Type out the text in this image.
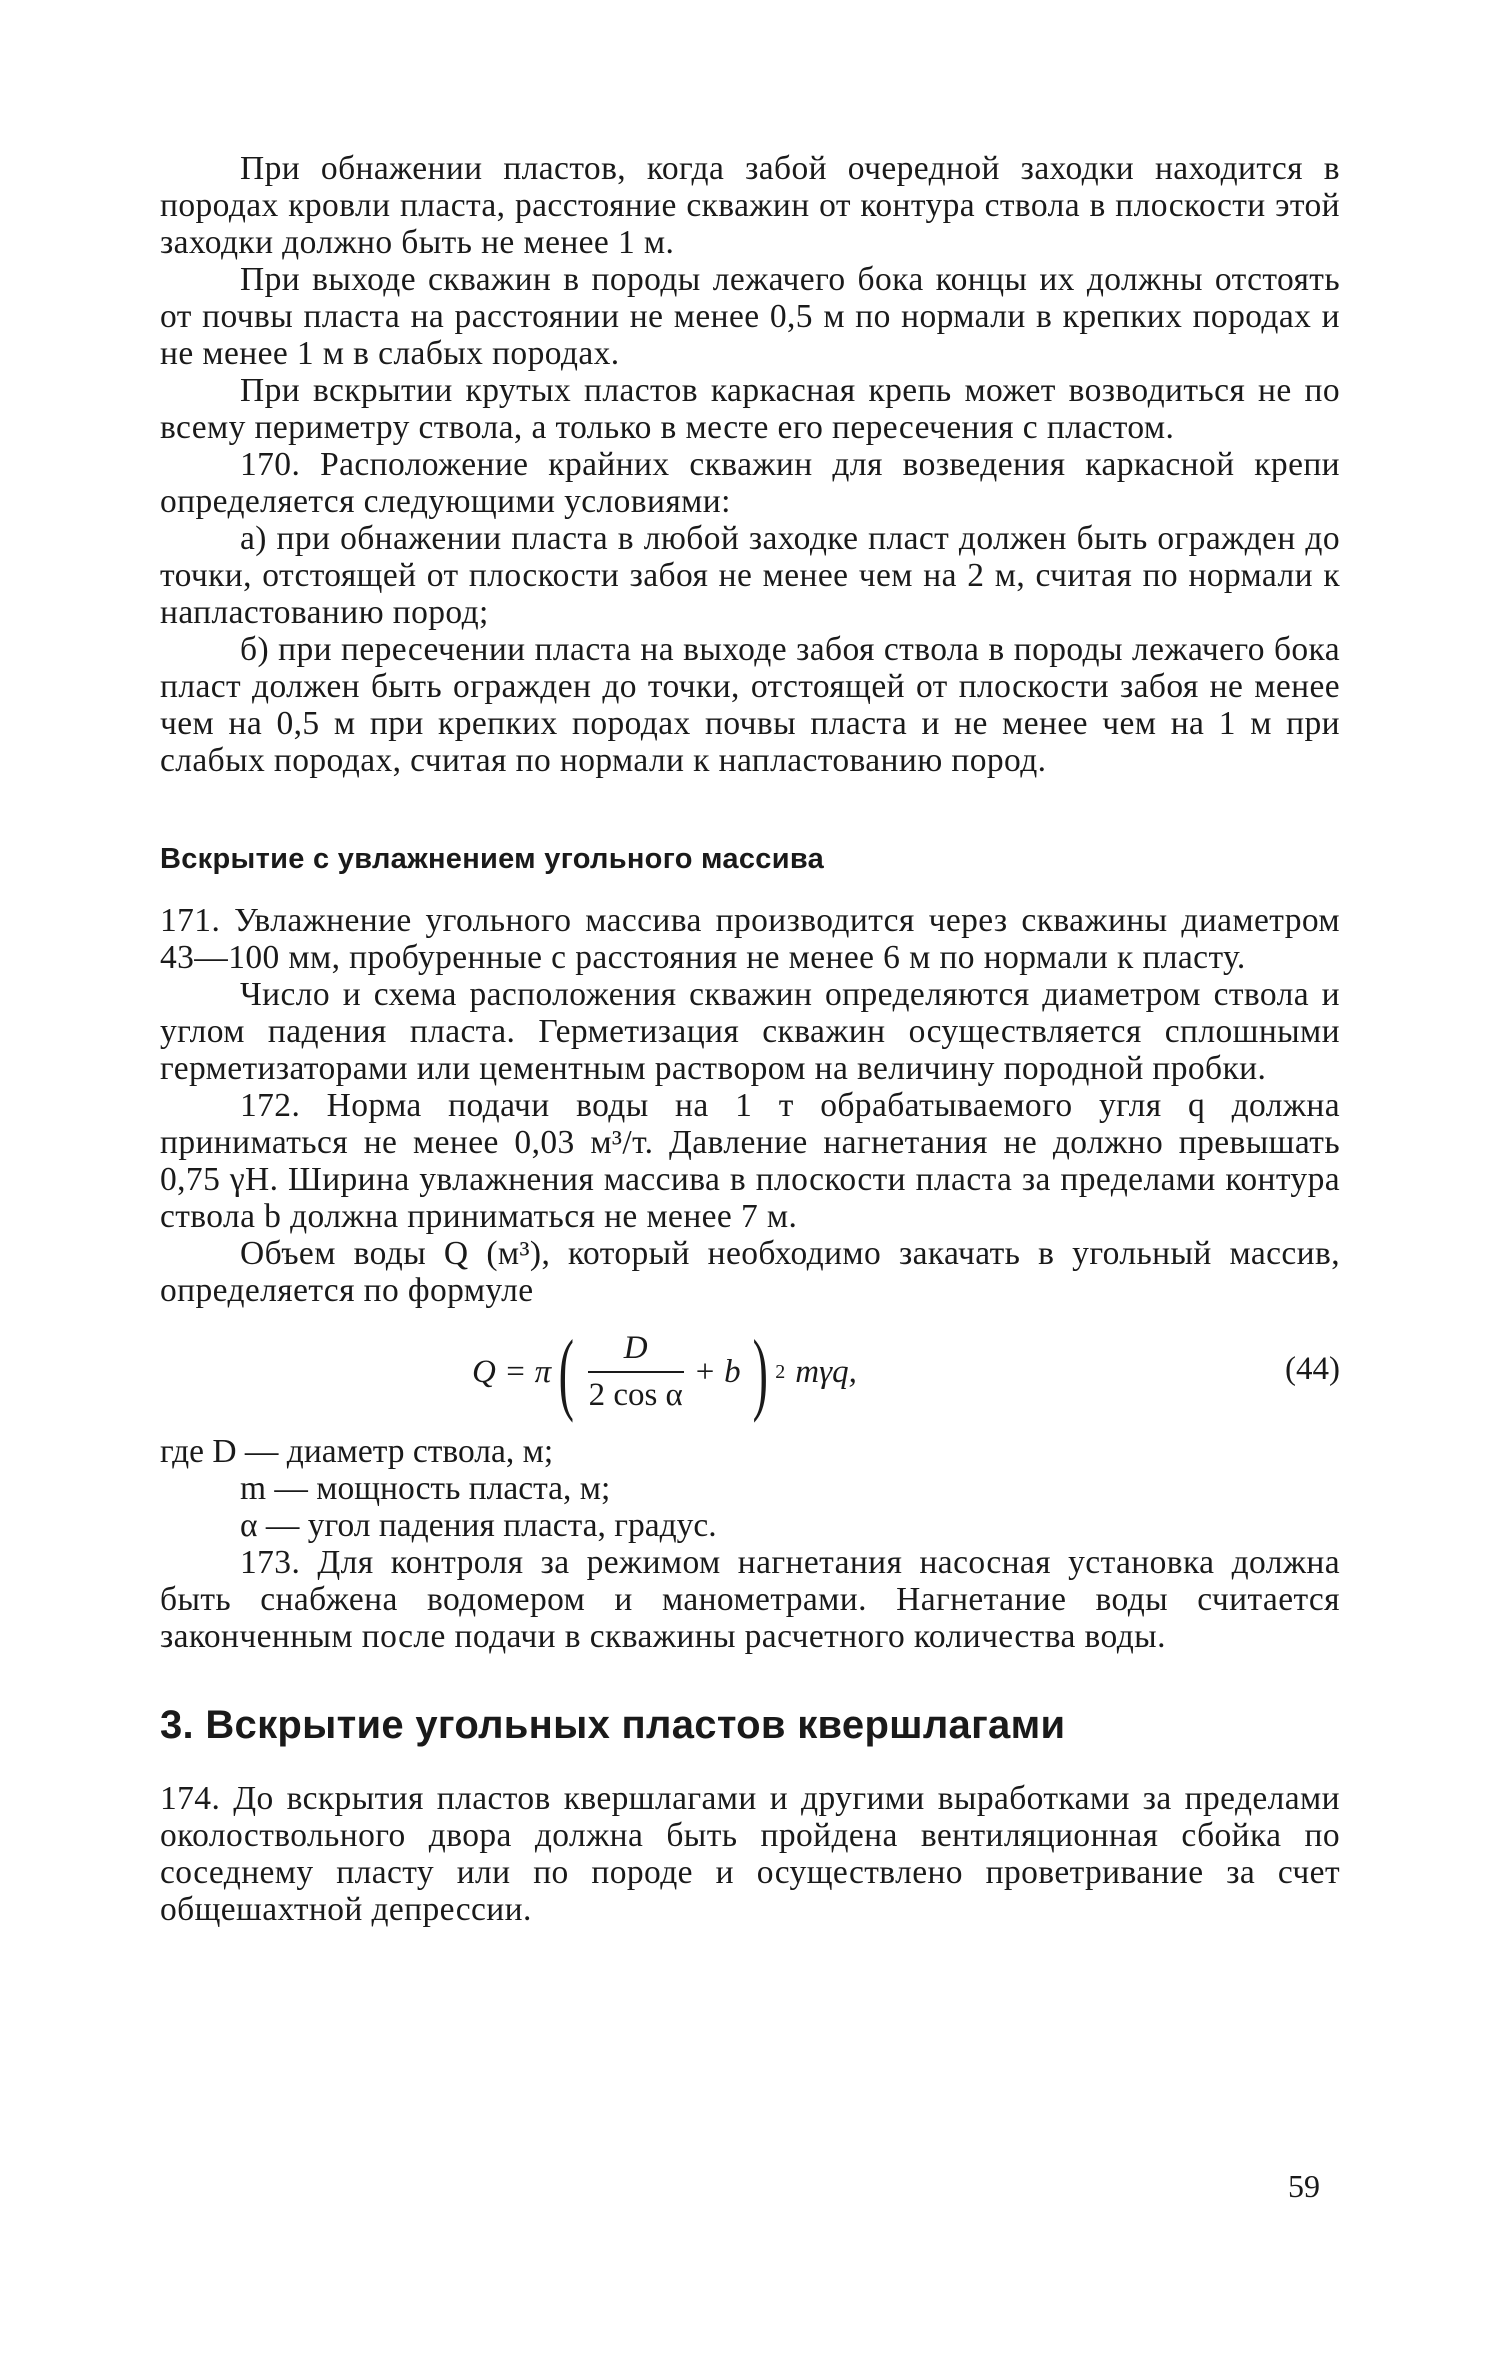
При обнажении пластов, когда забой очередной заходки находится в породах кровли пласта, расстояние скважин от контура ствола в плоскости этой заходки должно быть не менее 1 м.

При выходе скважин в породы лежачего бока концы их должны отстоять от почвы пласта на расстоянии не менее 0,5 м по нормали в крепких породах и не менее 1 м в слабых породах.

При вскрытии крутых пластов каркасная крепь может возводиться не по всему периметру ствола, а только в месте его пересечения с пластом.

170. Расположение крайних скважин для возведения каркасной крепи определяется следующими условиями:

а) при обнажении пласта в любой заходке пласт должен быть огражден до точки, отстоящей от плоскости забоя не менее чем на 2 м, считая по нормали к напластованию пород;

б) при пересечении пласта на выходе забоя ствола в породы лежачего бока пласт должен быть огражден до точки, отстоящей от плоскости забоя не менее чем на 0,5 м при крепких породах почвы пласта и не менее чем на 1 м при слабых породах, считая по нормали к напластованию пород.

Вскрытие с увлажнением угольного массива

171. Увлажнение угольного массива производится через скважины диаметром 43—100 мм, пробуренные с расстояния не менее 6 м по нормали к пласту.

Число и схема расположения скважин определяются диаметром ствола и углом падения пласта. Герметизация скважин осуществляется сплошными герметизаторами или цементным раствором на величину породной пробки.

172. Норма подачи воды на 1 т обрабатываемого угля q должна приниматься не менее 0,03 м³/т. Давление нагнетания не должно превышать 0,75 γH. Ширина увлажнения массива в плоскости пласта за пределами контура ствола b должна приниматься не менее 7 м.

Объем воды Q (м³), который необходимо закачать в угольный массив, определяется по формуле

Q = π ( $\frac{D}{\text{2 cos α}} + b$ ) 2 mγq,	(44)

где D — диаметр ствола, м;

m — мощность пласта, м;

α — угол падения пласта, градус.

173. Для контроля за режимом нагнетания насосная установка должна быть снабжена водомером и манометрами. Нагнетание воды считается законченным после подачи в скважины расчетного количества воды.

3. Вскрытие угольных пластов квершлагами

174. До вскрытия пластов квершлагами и другими выработками за пределами околоствольного двора должна быть пройдена вентиляционная сбойка по соседнему пласту или по породе и осуществлено проветривание за счет общешахтной депрессии.

59
